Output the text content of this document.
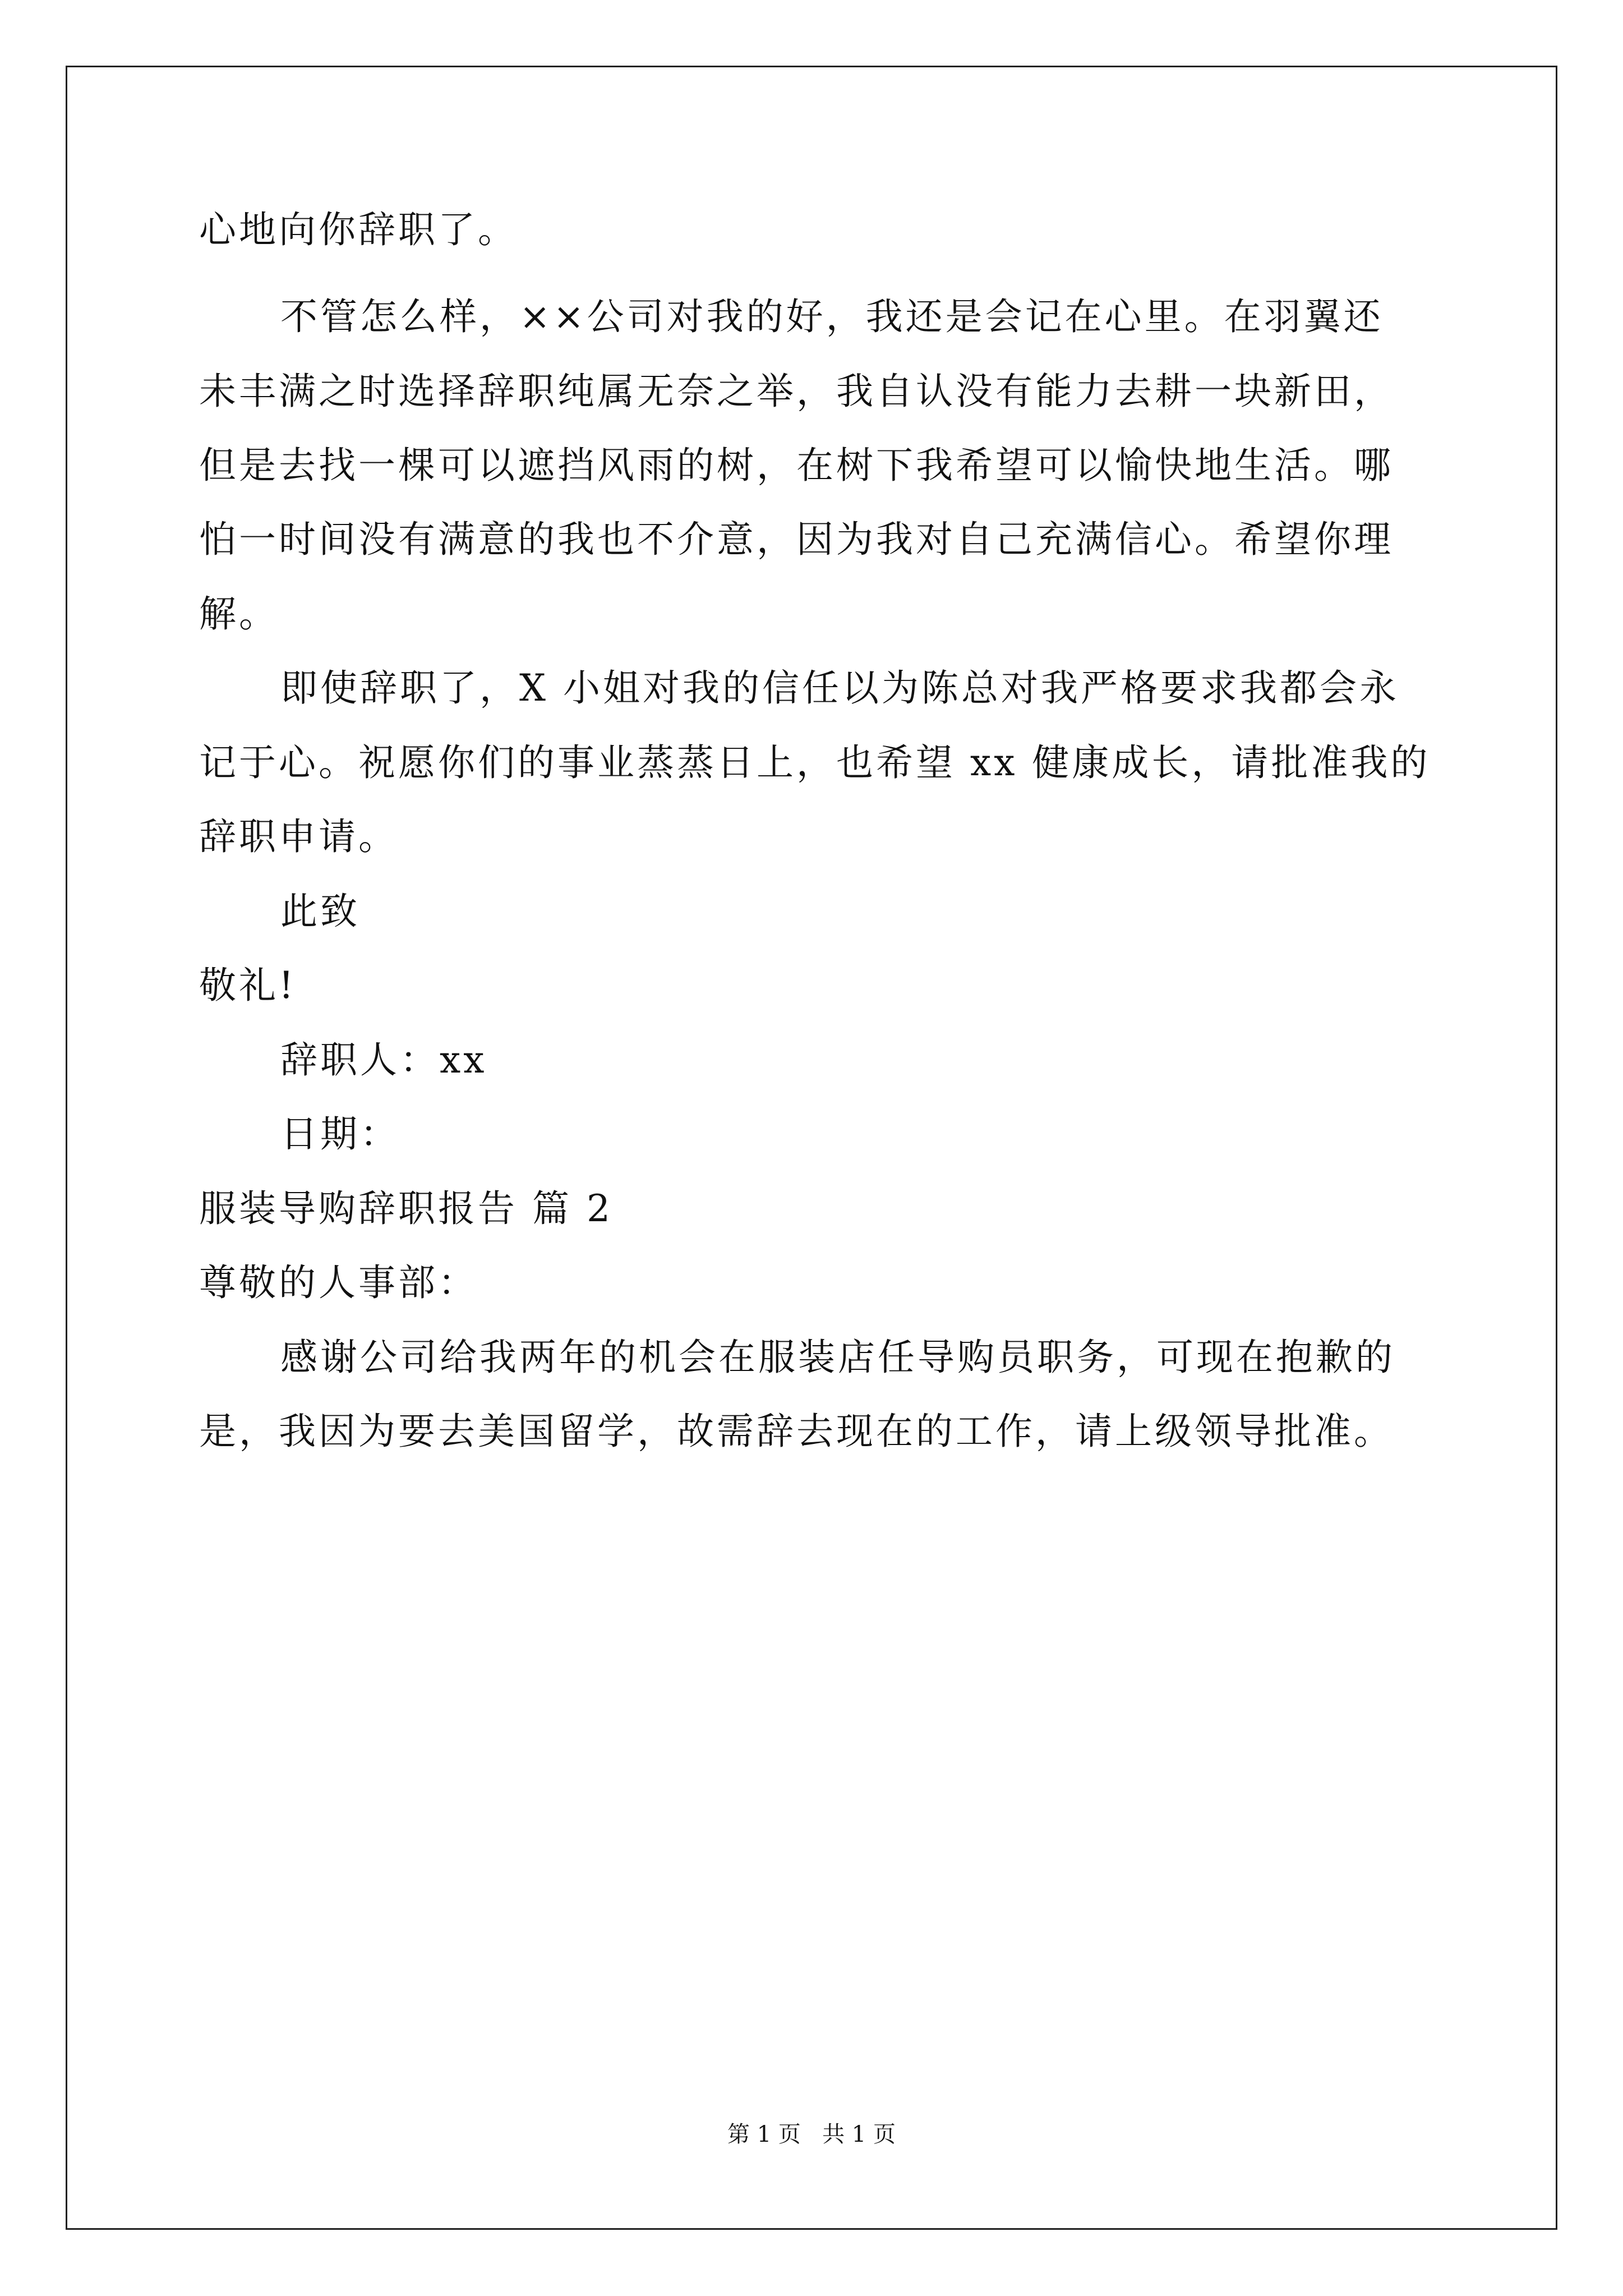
心地向你辞职了。
不管怎么样，××公司对我的好，我还是会记在心里。在羽翼还
未丰满之时选择辞职纯属无奈之举，我自认没有能力去耕一块新田，
但是去找一棵可以遮挡风雨的树，在树下我希望可以愉快地生活。哪
怕一时间没有满意的我也不介意，因为我对自己充满信心。希望你理
解。
即使辞职了，X 小姐对我的信任以为陈总对我严格要求我都会永
记于心。祝愿你们的事业蒸蒸日上，也希望 xx 健康成长，请批准我的
辞职申请。
此致
敬礼!
辞职人：xx
日期：
服装导购辞职报告 篇 2
尊敬的人事部：
感谢公司给我两年的机会在服装店任导购员职务，可现在抱歉的
是，我因为要去美国留学，故需辞去现在的工作，请上级领导批准。
第 1 页   共 1 页
